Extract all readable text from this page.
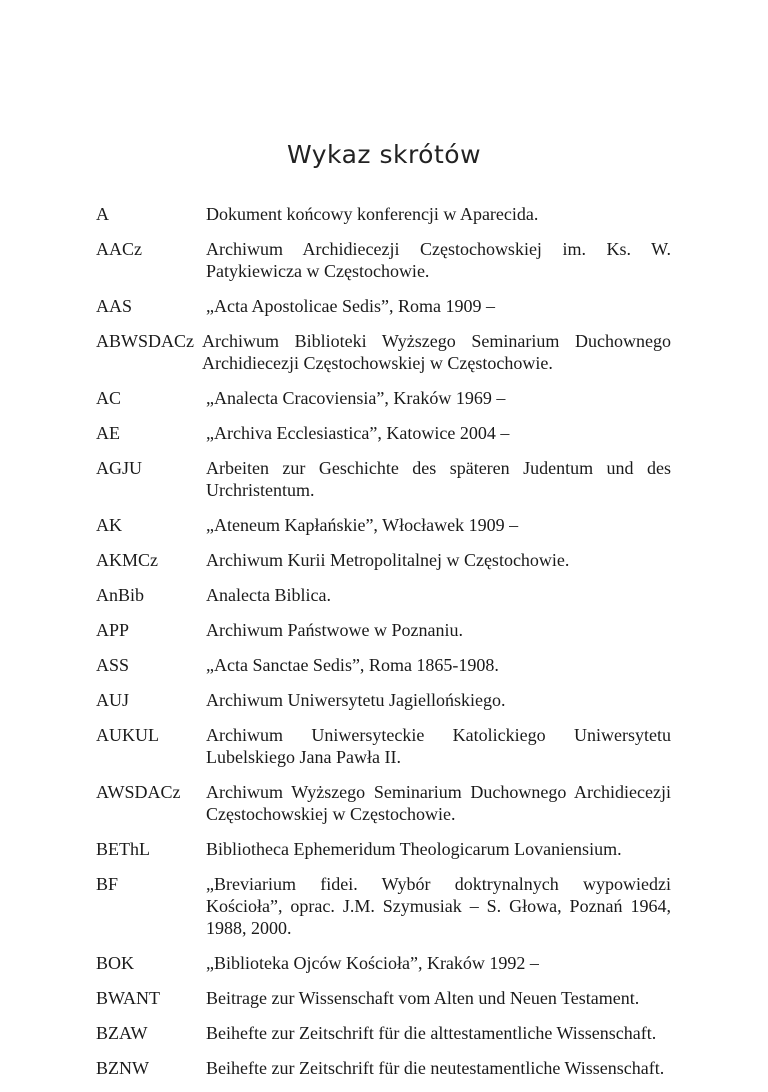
Wykaz skrótów
A	Dokument końcowy konferencji w Aparecida.
AACz	Archiwum Archidiecezji Częstochowskiej im. Ks. W. Patykiewicza w Częstochowie.
AAS	„Acta Apostolicae Sedis”, Roma 1909 –
ABWSDACz Archiwum Biblioteki Wyższego Seminarium Duchownego Archidiecezji Częstochowskiej w Częstochowie.
AC	„Analecta Cracoviensia”, Kraków 1969 –
AE	„Archiva Ecclesiastica”, Katowice 2004 –
AGJU	Arbeiten zur Geschichte des späteren Judentum und des Urchristentum.
AK	„Ateneum Kapłańskie”, Włocławek 1909 –
AKMCz	Archiwum Kurii Metropolitalnej w Częstochowie.
AnBib	Analecta Biblica.
APP	Archiwum Państwowe w Poznaniu.
ASS	„Acta Sanctae Sedis”, Roma 1865-1908.
AUJ	Archiwum Uniwersytetu Jagiellońskiego.
AUKUL	Archiwum Uniwersyteckie Katolickiego Uniwersytetu Lubelskiego Jana Pawła II.
AWSDACz	Archiwum Wyższego Seminarium Duchownego Archidiecezji Częstochowskiej w Częstochowie.
BEThL	Bibliotheca Ephemeridum Theologicarum Lovaniensium.
BF	„Breviarium fidei. Wybór doktrynalnych wypowiedzi Kościoła”, oprac. J.M. Szymusiak – S. Głowa, Poznań 1964, 1988, 2000.
BOK	„Biblioteka Ojców Kościoła”, Kraków 1992 –
BWANT	Beitrage zur Wissenschaft vom Alten und Neuen Testament.
BZAW	Beihefte zur Zeitschrift für die alttestamentliche Wissenschaft.
BZNW	Beihefte zur Zeitschrift für die neutestamentliche Wissenschaft.
